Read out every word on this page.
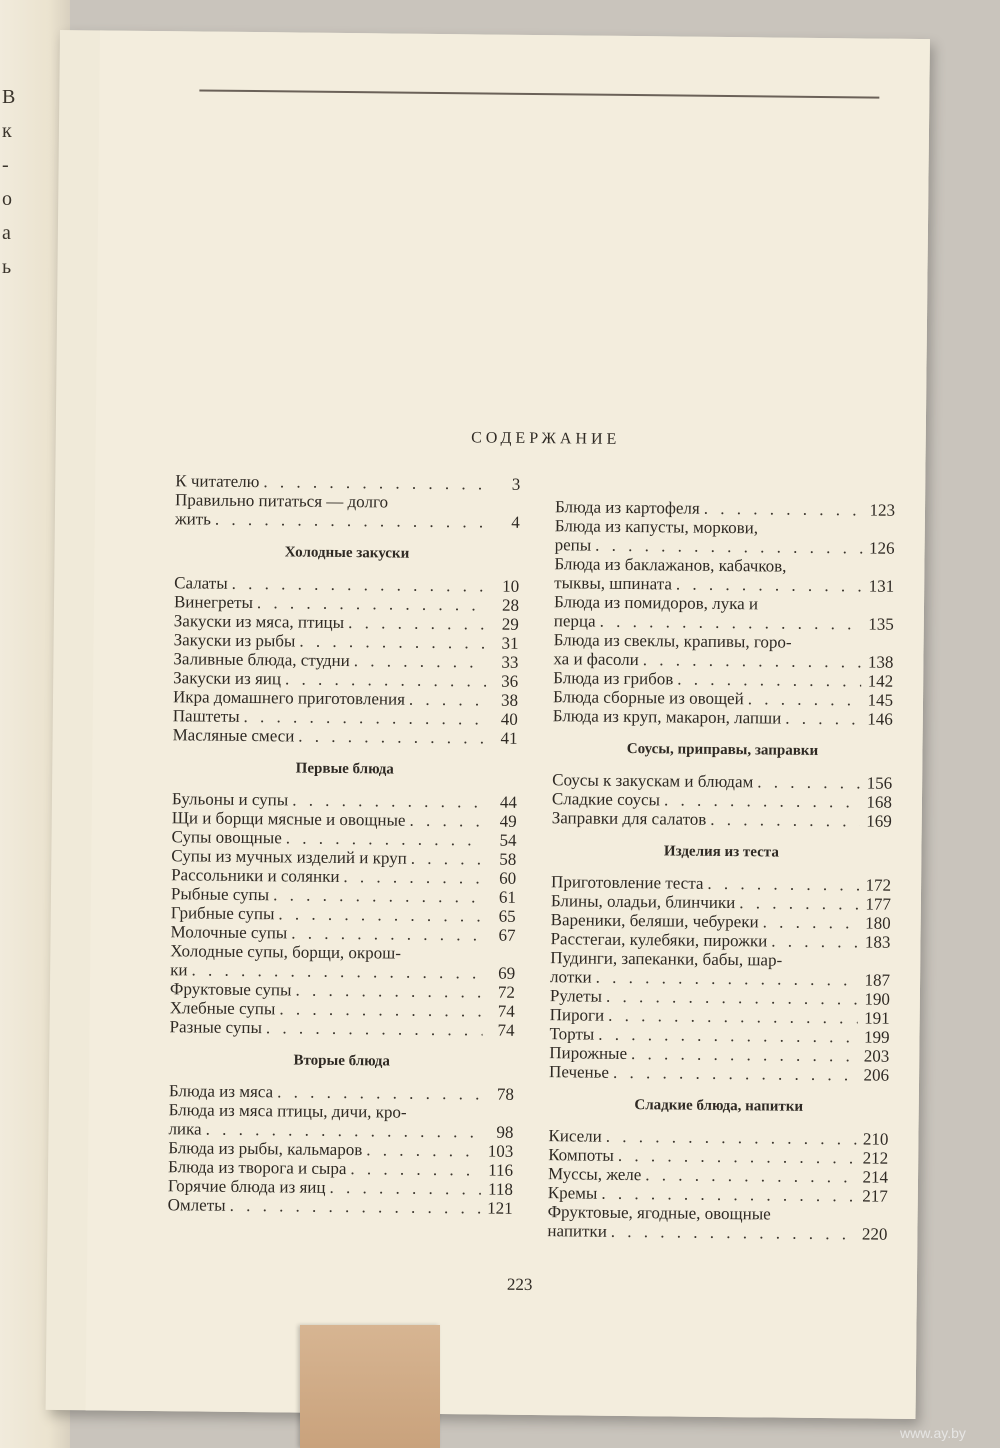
В
к
-
о
а
ь
СОДЕРЖАНИЕ
К читателю . . .	3
Правильно питаться — долго
жить . . .	4
Холодные закуски
Салаты . . .	10
Винегреты . . .	28
Закуски из мяса, птицы . . .	29
Закуски из рыбы . . .	31
Заливные блюда, студни . . .	33
Закуски из яиц . . .	36
Икра домашнего приготовления . . .	38
Паштеты . . .	40
Масляные смеси . . .	41
Первые блюда
Бульоны и супы . . .	44
Щи и борщи мясные и овощные . . .	49
Супы овощные . . .	54
Супы из мучных изделий и круп . . .	58
Рассольники и солянки . . .	60
Рыбные супы . . .	61
Грибные супы . . .	65
Молочные супы . . .	67
Холодные супы, борщи, окрош-
ки . . .	69
Фруктовые супы . . .	72
Хлебные супы . . .	74
Разные супы . . .	74
Вторые блюда
Блюда из мяса . . .	78
Блюда из мяса птицы, дичи, кро-
лика . . .	98
Блюда из рыбы, кальмаров . . .	103
Блюда из творога и сыра . . .	116
Горячие блюда из яиц . . .	118
Омлеты . . .	121
Блюда из картофеля . . .	123
Блюда из капусты, моркови,
репы . . .	126
Блюда из баклажанов, кабачков,
тыквы, шпината . . .	131
Блюда из помидоров, лука и
перца . . .	135
Блюда из свеклы, крапивы, горо-
ха и фасоли . . .	138
Блюда из грибов . . .	142
Блюда сборные из овощей . . .	145
Блюда из круп, макарон, лапши . . .	146
Соусы, приправы, заправки
Соусы к закускам и блюдам . . .	156
Сладкие соусы . . .	168
Заправки для салатов . . .	169
Изделия из теста
Приготовление теста . . .	172
Блины, оладьи, блинчики . . .	177
Вареники, беляши, чебуреки . . .	180
Расстегаи, кулебяки, пирожки . . .	183
Пудинги, запеканки, бабы, шар-
лотки . . .	187
Рулеты . . .	190
Пироги . . .	191
Торты . . .	199
Пирожные . . .	203
Печенье . . .	206
Сладкие блюда, напитки
Кисели . . .	210
Компоты . . .	212
Муссы, желе . . .	214
Кремы . . .	217
Фруктовые, ягодные, овощные
напитки . . .	220
223
www.ay.by
